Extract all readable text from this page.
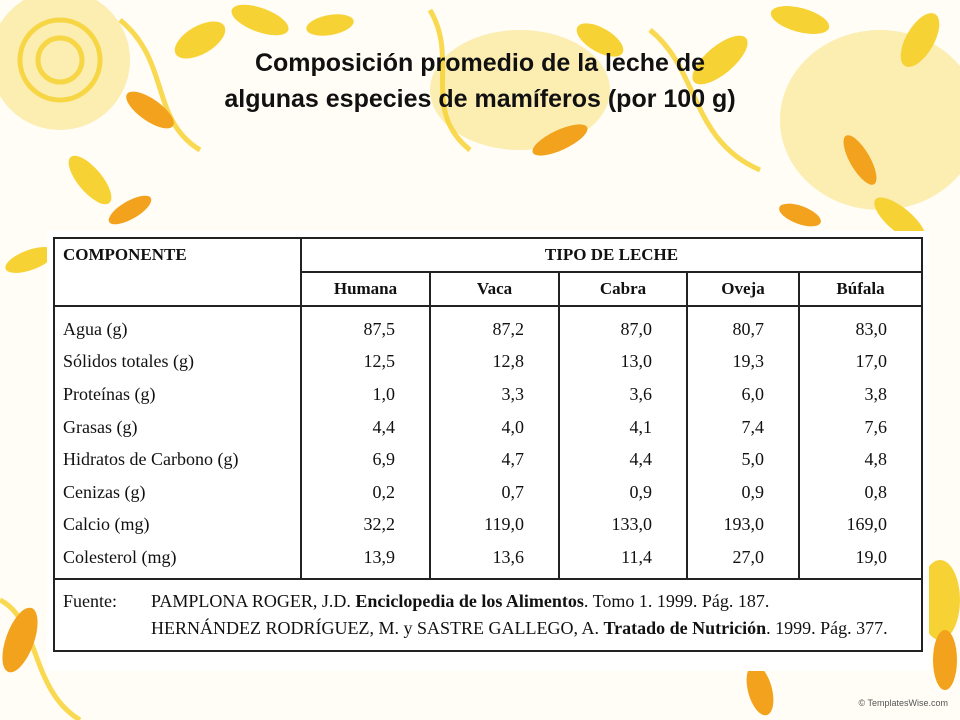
Composición promedio de la leche de
algunas especies de mamíferos (por 100 g)
COMPONENTE	TIPO DE LECHE				
	Humana	Vaca	Cabra	Oveja	Búfala
Agua (g)	87,5	87,2	87,0	80,7	83,0
Sólidos totales (g)	12,5	12,8	13,0	19,3	17,0
Proteínas (g)	1,0	3,3	3,6	6,0	3,8
Grasas (g)	4,4	4,0	4,1	7,4	7,6
Hidratos de Carbono (g)	6,9	4,7	4,4	5,0	4,8
Cenizas (g)	0,2	0,7	0,9	0,9	0,8
Calcio (mg)	32,2	119,0	133,0	193,0	169,0
Colesterol (mg)	13,9	13,6	11,4	27,0	19,0

Fuente: PAMPLONA ROGER, J.D. Enciclopedia de los Alimentos. Tomo 1. 1999. Pág. 187.
HERNÁNDEZ RODRÍGUEZ, M. y SASTRE GALLEGO, A. Tratado de Nutrición. 1999. Pág. 377.					
© TemplatesWise.com
